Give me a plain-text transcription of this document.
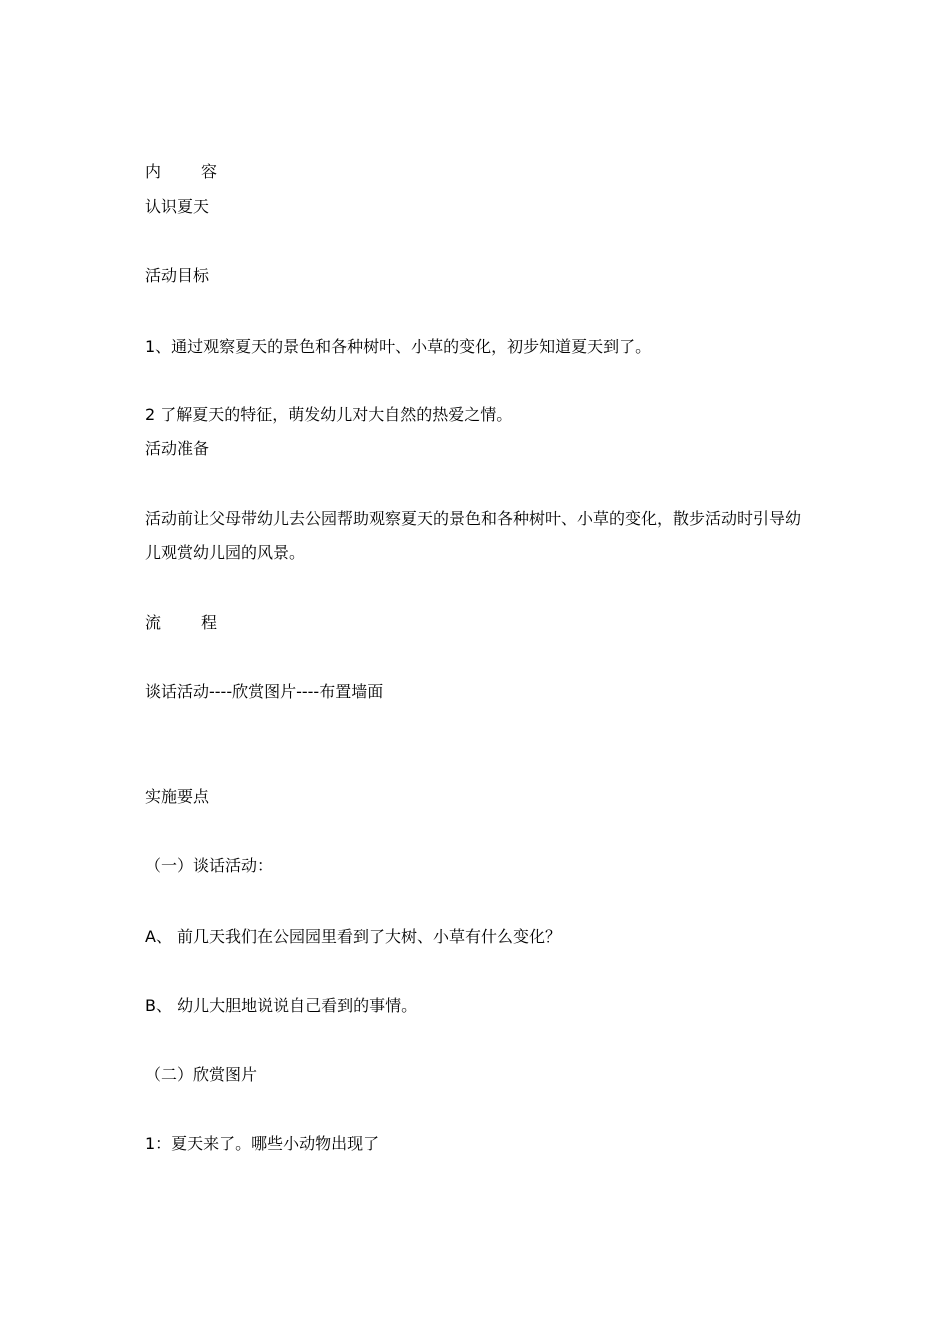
内	容
认识夏天
活动目标
1、通过观察夏天的景色和各种树叶、小草的变化，初步知道夏天到了。
2 了解夏天的特征，萌发幼儿对大自然的热爱之情。
活动准备
活动前让父母带幼儿去公园帮助观察夏天的景色和各种树叶、小草的变化，散步活动时引导幼儿观赏幼儿园的风景。
流	程
谈话活动----欣赏图片----布置墙面
实施要点
（一）谈话活动：
A、 前几天我们在公园园里看到了大树、小草有什么变化？
B、 幼儿大胆地说说自己看到的事情。
（二）欣赏图片
1：夏天来了。哪些小动物出现了
